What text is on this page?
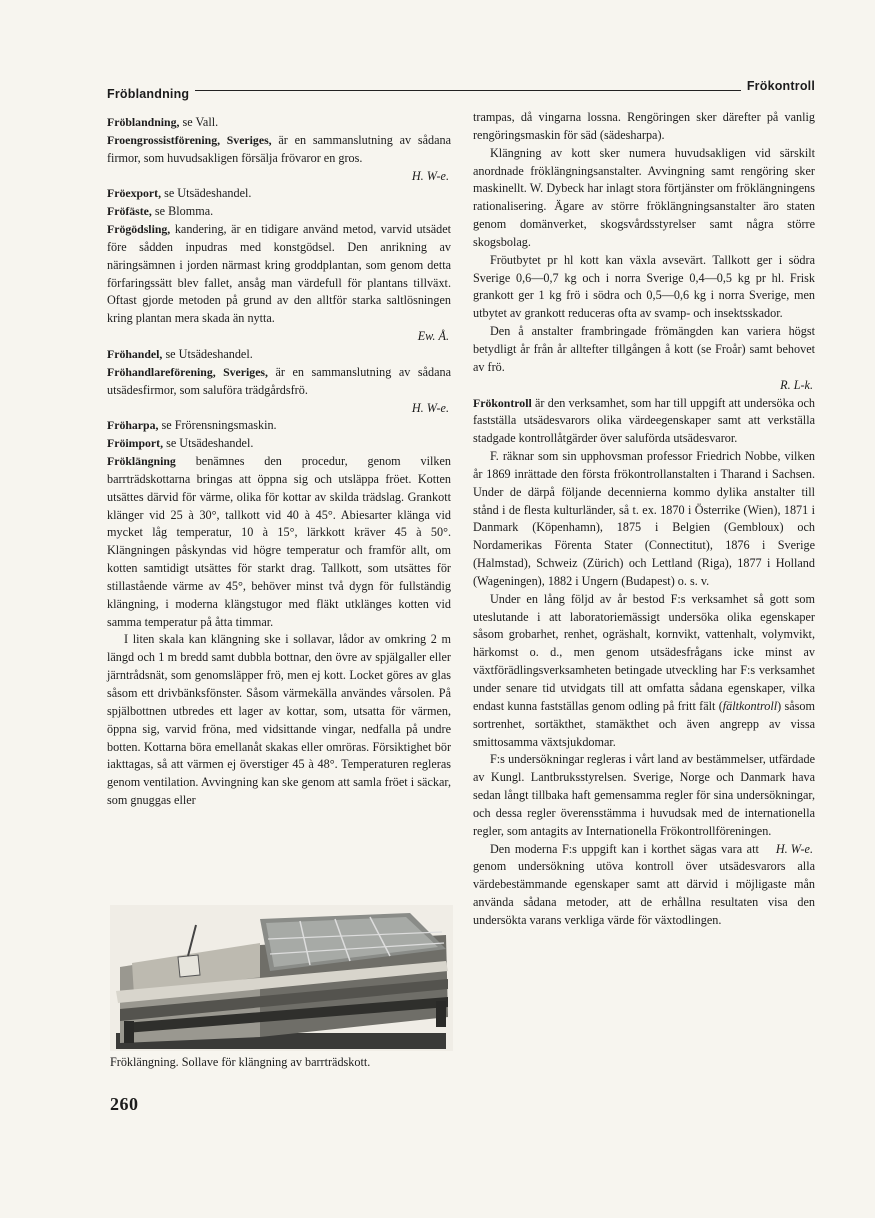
Fröblandning
Frökontroll

Fröblandning, se Vall.

Froengrossistförening, Sveriges, är en sammanslutning av sådana firmor, som huvudsakligen försälja frövaror en gros.
H. W-e.

Fröexport, se Utsädeshandel.

Fröfäste, se Blomma.

Frögödsling, kandering, är en tidigare använd metod, varvid utsädet före sådden inpudras med konstgödsel. Den anrikning av näringsämnen i jorden närmast kring groddplantan, som genom detta förfaringssätt blev fallet, ansåg man värdefull för plantans tillväxt. Oftast gjorde metoden på grund av den alltför starka saltlösningen kring plantan mera skada än nytta.
Ew. Å.

Fröhandel, se Utsädeshandel.

Fröhandlareförening, Sveriges, är en sammanslutning av sådana utsädesfirmor, som saluföra trädgårdsfrö.
H. W-e.

Fröharpa, se Frörensningsmaskin.

Fröimport, se Utsädeshandel.

Fröklängning benämnes den procedur, genom vilken barrträdskottarna bringas att öppna sig och utsläppa fröet. Kotten utsättes därvid för värme, olika för kottar av skilda trädslag. Grankott klänger vid 25 à 30°, tallkott vid 40 à 45°. Abiesarter klänga vid mycket låg temperatur, 10 à 15°, lärkkott kräver 45 à 50°. Klängningen påskyndas vid högre temperatur och framför allt, om kotten samtidigt utsättes för starkt drag. Tallkott, som utsättes för stillastående värme av 45°, behöver minst två dygn för fullständig klängning, i moderna klängstugor med fläkt utklänges kotten vid samma temperatur på åtta timmar.

I liten skala kan klängning ske i sollavar, lådor av omkring 2 m längd och 1 m bredd samt dubbla bottnar, den övre av spjälgaller eller järntrådsnät, som genomsläpper frö, men ej kott. Locket göres av glas såsom ett drivbänksfönster. Såsom värmekälla användes vårsolen. På spjälbottnen utbredes ett lager av kottar, som, utsatta för värmen, öppna sig, varvid fröna, med vidsittande vingar, nedfalla på undre botten. Kottarna böra emellanåt skakas eller omröras. Försiktighet bör iakttagas, så att värmen ej överstiger 45 à 48°. Temperaturen regleras genom ventilation. Avvingning kan ske genom att samla fröet i säckar, som gnuggas eller

trampas, då vingarna lossna. Rengöringen sker därefter på vanlig rengöringsmaskin för säd (sädesharpa).

Klängning av kott sker numera huvudsakligen vid särskilt anordnade fröklängningsanstalter. Avvingning samt rengöring sker maskinellt. W. Dybeck har inlagt stora förtjänster om fröklängningens rationalisering. Ägare av större fröklängningsanstalter äro staten genom domänverket, skogsvårdsstyrelser samt några större skogsbolag.

Fröutbytet pr hl kott kan växla avsevärt. Tallkott ger i södra Sverige 0,6—0,7 kg och i norra Sverige 0,4—0,5 kg pr hl. Frisk grankott ger 1 kg frö i södra och 0,5—0,6 kg i norra Sverige, men utbytet av grankott reduceras ofta av svamp- och insektsskador.

Den å anstalter frambringade frömängden kan variera högst betydligt år från år alltefter tillgången å kott (se Froår) samt behovet av frö.
R. L-k.

Frökontroll är den verksamhet, som har till uppgift att undersöka och fastställa utsädesvarors olika värdeegenskaper samt att verkställa stadgade kontrollåtgärder över saluförda utsädesvaror.

F. räknar som sin upphovsman professor Friedrich Nobbe, vilken år 1869 inrättade den första frökontrollanstalten i Tharand i Sachsen. Under de därpå följande decennierna kommo dylika anstalter till stånd i de flesta kulturländer, så t. ex. 1870 i Österrike (Wien), 1871 i Danmark (Köpenhamn), 1875 i Belgien (Gembloux) och Nordamerikas Förenta Stater (Connectitut), 1876 i Sverige (Halmstad), Schweiz (Zürich) och Lettland (Riga), 1877 i Holland (Wageningen), 1882 i Ungern (Budapest) o. s. v.

Under en lång följd av år bestod F:s verksamhet så gott som uteslutande i att laboratoriemässigt undersöka olika egenskaper såsom grobarhet, renhet, ogräshalt, kornvikt, vattenhalt, volymvikt, härkomst o. d., men genom utsädesfrågans icke minst av växtförädlingsverksamheten betingade utveckling har F:s verksamhet under senare tid utvidgats till att omfatta sådana egenskaper, vilka endast kunna fastställas genom odling på fritt fält (fältkontroll) såsom sortrenhet, sortäkthet, stamäkthet och även angrepp av vissa smittosamma växtsjukdomar.

F:s undersökningar regleras i vårt land av bestämmelser, utfärdade av Kungl. Lantbruksstyrelsen. Sverige, Norge och Danmark hava sedan långt tillbaka haft gemensamma regler för sina undersökningar, och dessa regler överensstämma i huvudsak med de internationella regler, som antagits av Internationella Frökontrollföreningen.

H. W-e.
Den moderna F:s uppgift kan i korthet sägas vara att genom undersökning utöva kontroll över utsädesvarors alla värdebestämmande egenskaper samt att därvid i möjligaste mån använda sådana metoder, att de erhållna resultaten visa den undersökta varans verkliga värde för växtodlingen.

Fröklängning. Sollave för klängning av barrträdskott.
260
